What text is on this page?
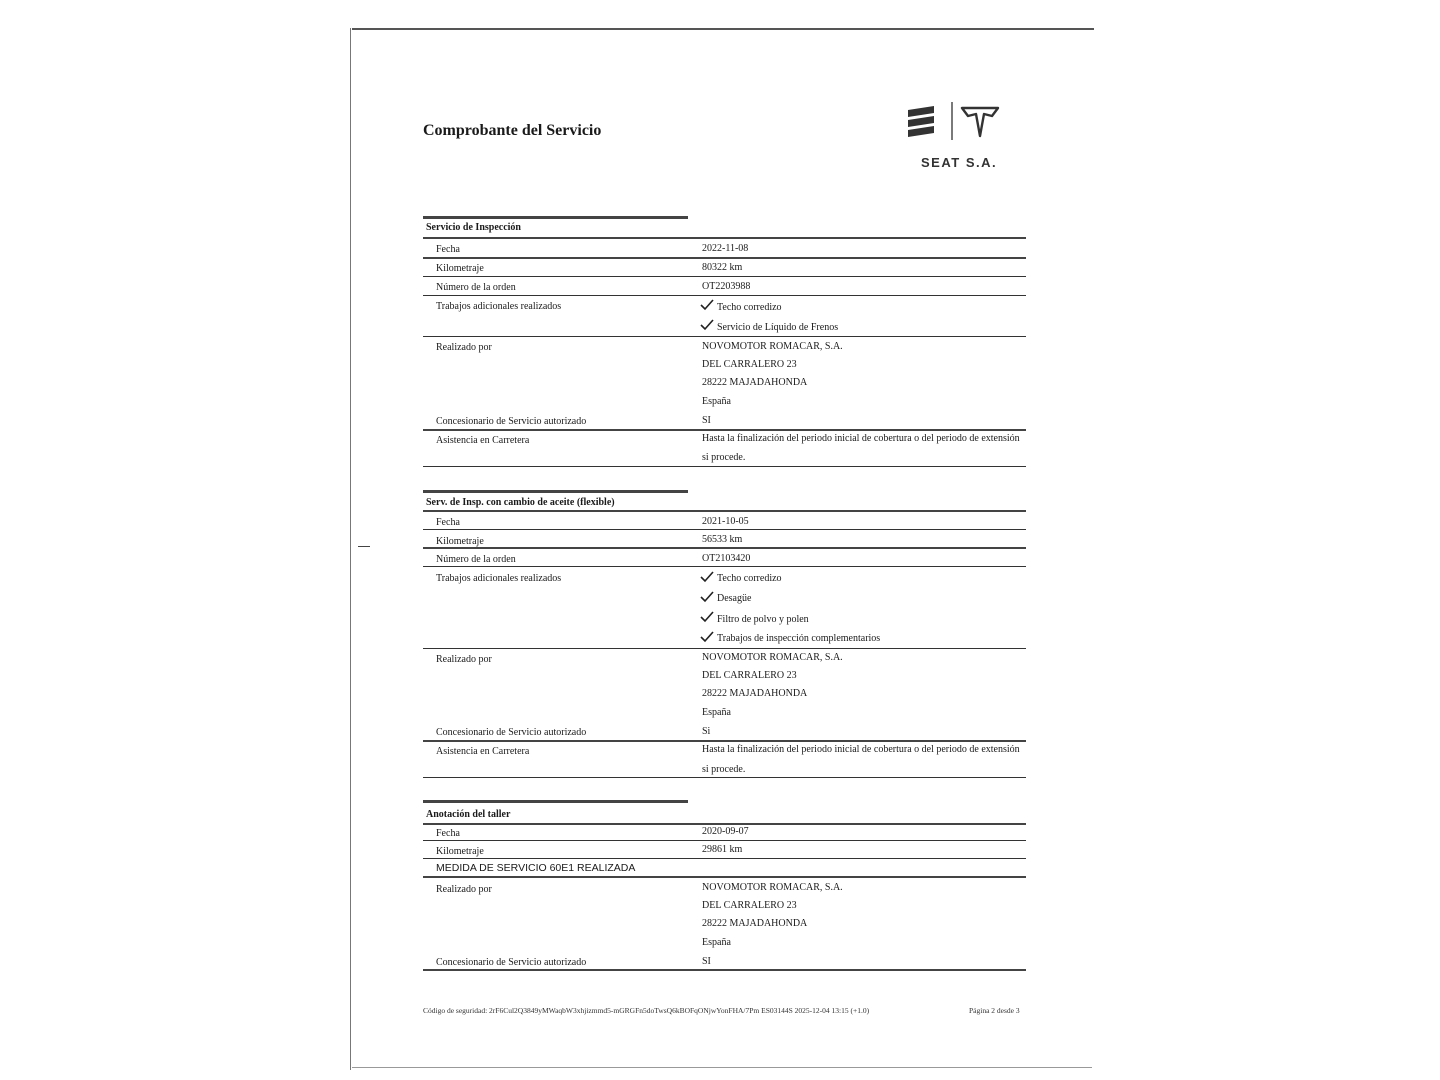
Comprobante del Servicio
SEAT S.A.
Servicio de Inspección
Fecha	2022-11-08
Kilometraje	80322 km
Número de la orden	OT2203988
Trabajos adicionales realizados	Techo corredizo
Servicio de Líquido de Frenos
Realizado por	NOVOMOTOR ROMACAR, S.A.
DEL CARRALERO 23
28222 MAJADAHONDA
España
Concesionario de Servicio autorizado	SI
Asistencia en Carretera	Hasta la finalización del periodo inicial de cobertura o del periodo de extensión
si procede.
Serv. de Insp. con cambio de aceite (flexible)
Fecha	2021-10-05
Kilometraje	56533 km
Número de la orden	OT2103420
Trabajos adicionales realizados	Techo corredizo
Desagüe
Filtro de polvo y polen
Trabajos de inspección complementarios
Realizado por	NOVOMOTOR ROMACAR, S.A.
DEL CARRALERO 23
28222 MAJADAHONDA
España
Concesionario de Servicio autorizado	Si
Asistencia en Carretera	Hasta la finalización del periodo inicial de cobertura o del periodo de extensión
si procede.
Anotación del taller
Fecha	2020-09-07
Kilometraje	29861 km
MEDIDA DE SERVICIO 60E1 REALIZADA
Realizado por	NOVOMOTOR ROMACAR, S.A.
DEL CARRALERO 23
28222 MAJADAHONDA
España
Concesionario de Servicio autorizado	SI
Código de seguridad: 2rF6Cul2Q3849yMWaqbW3xhjizmmd5-mGRGFn5doTwsQ6kBOFqONjwYonFHA/7Pm ES03144S 2025-12-04 13:15 (+1.0)	Página 2 desde 3
